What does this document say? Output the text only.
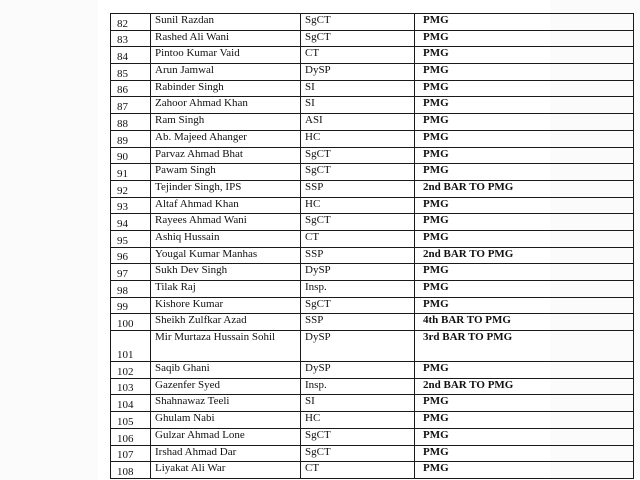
82	Sunil Razdan	SgCT	PMG
83	Rashed Ali Wani	SgCT	PMG
84	Pintoo Kumar Vaid	CT	PMG
85	Arun Jamwal	DySP	PMG
86	Rabinder Singh	SI	PMG
87	Zahoor Ahmad Khan	SI	PMG
88	Ram Singh	ASI	PMG
89	Ab. Majeed Ahanger	HC	PMG
90	Parvaz Ahmad Bhat	SgCT	PMG
91	Pawam Singh	SgCT	PMG
92	Tejinder Singh, IPS	SSP	2nd BAR TO PMG
93	Altaf Ahmad Khan	HC	PMG
94	Rayees Ahmad Wani	SgCT	PMG
95	Ashiq Hussain	CT	PMG
96	Yougal Kumar Manhas	SSP	2nd BAR TO PMG
97	Sukh Dev Singh	DySP	PMG
98	Tilak Raj	Insp.	PMG
99	Kishore Kumar	SgCT	PMG
100	Sheikh Zulfkar Azad	SSP	4th BAR TO PMG
101	Mir Murtaza Hussain Sohil	DySP	3rd BAR TO PMG
102	Saqib Ghani	DySP	PMG
103	Gazenfer Syed	Insp.	2nd BAR TO PMG
104	Shahnawaz Teeli	SI	PMG
105	Ghulam Nabi	HC	PMG
106	Gulzar Ahmad Lone	SgCT	PMG
107	Irshad Ahmad Dar	SgCT	PMG
108	Liyakat Ali War	CT	PMG
